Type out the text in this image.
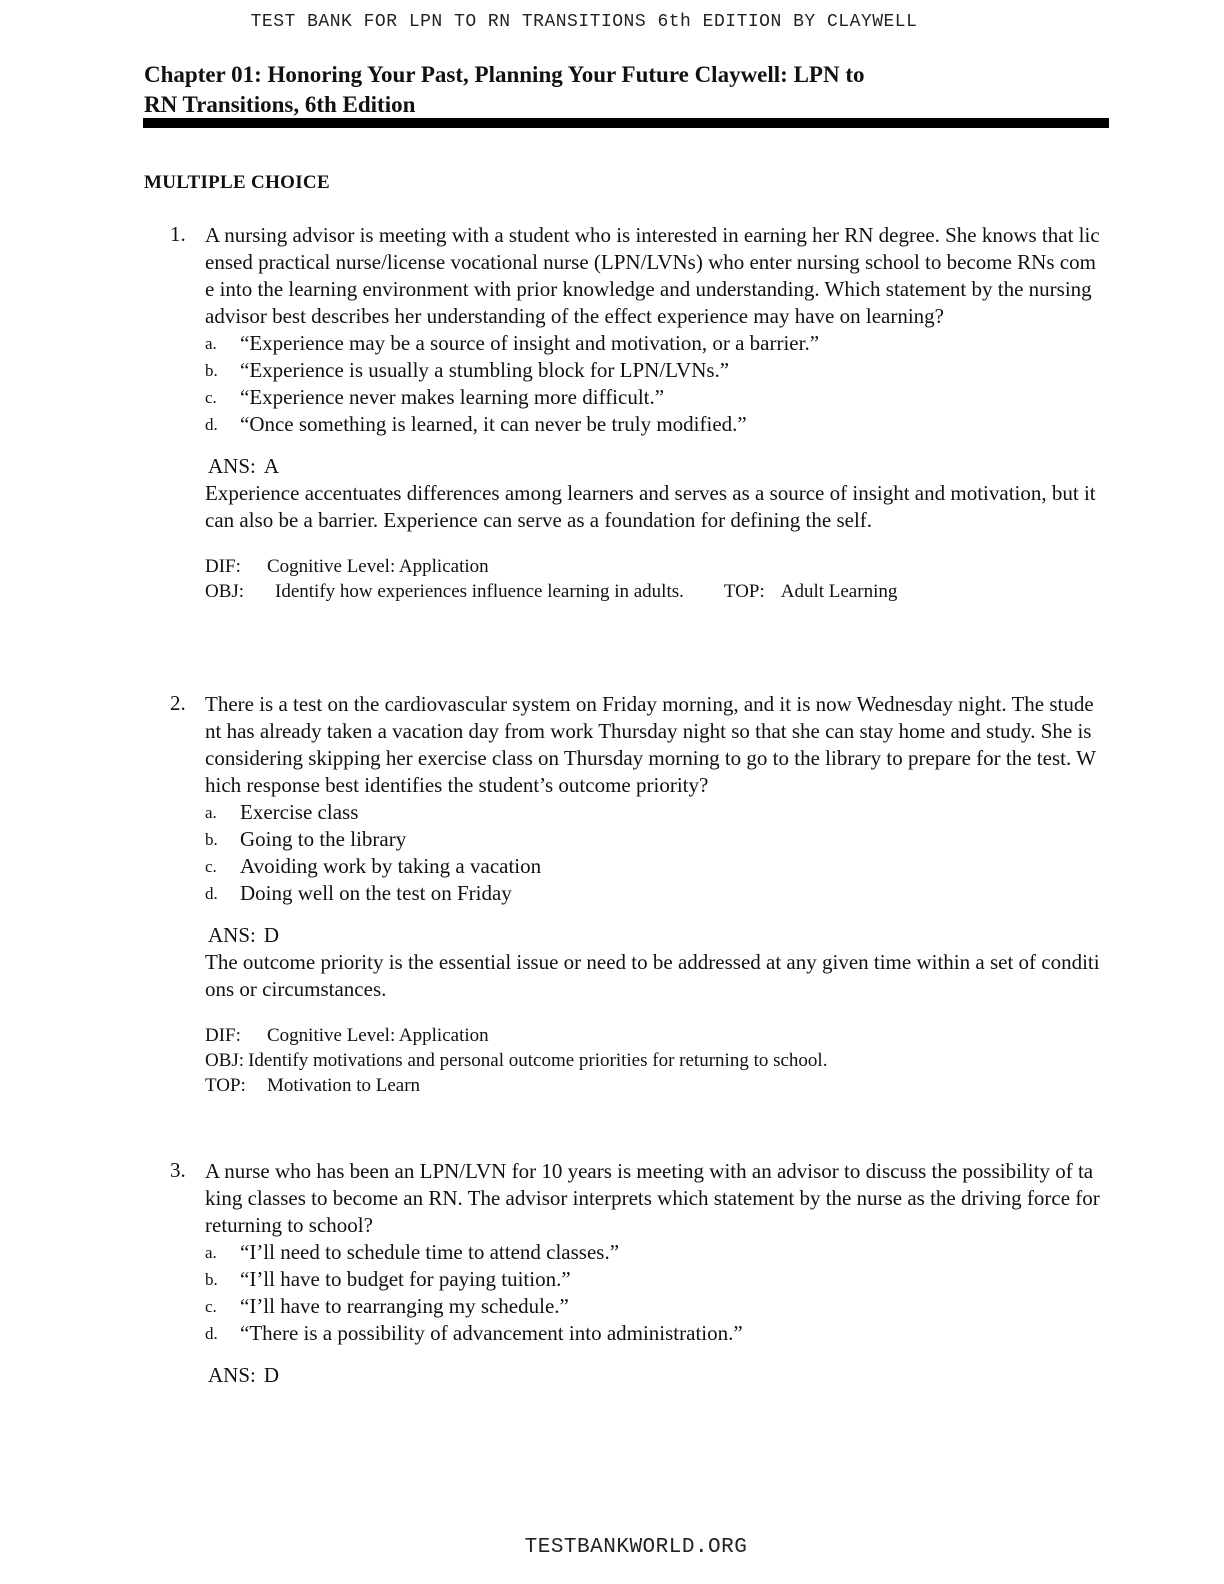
TEST BANK FOR LPN TO RN TRANSITIONS 6th EDITION BY CLAYWELL
Chapter 01: Honoring Your Past, Planning Your Future Claywell: LPN to RN Transitions, 6th Edition
MULTIPLE CHOICE
1. A nursing advisor is meeting with a student who is interested in earning her RN degree. She knows that licensed practical nurse/license vocational nurse (LPN/LVNs) who enter nursing school to become RNs come into the learning environment with prior knowledge and understanding. Which statement by the nursing advisor best describes her understanding of the effect experience may have on learning?
a.	“Experience may be a source of insight and motivation, or a barrier.”
b.	“Experience is usually a stumbling block for LPN/LVNs.”
c.	“Experience never makes learning more difficult.”
d.	“Once something is learned, it can never be truly modified.”
ANS: A
Experience accentuates differences among learners and serves as a source of insight and motivation, but it can also be a barrier. Experience can serve as a foundation for defining the self.
DIF:	Cognitive Level: Application
OBJ:	Identify how experiences influence learning in adults. TOP: Adult Learning
2. There is a test on the cardiovascular system on Friday morning, and it is now Wednesday night. The student has already taken a vacation day from work Thursday night so that she can stay home and study. She is considering skipping her exercise class on Thursday morning to go to the library to prepare for the test. Which response best identifies the student’s outcome priority?
a.	Exercise class
b.	Going to the library
c.	Avoiding work by taking a vacation
d.	Doing well on the test on Friday
ANS: D
The outcome priority is the essential issue or need to be addressed at any given time within a set of conditions or circumstances.
DIF:	Cognitive Level: Application
OBJ: Identify motivations and personal outcome priorities for returning to school.
TOP:	Motivation to Learn
3. A nurse who has been an LPN/LVN for 10 years is meeting with an advisor to discuss the possibility of taking classes to become an RN. The advisor interprets which statement by the nurse as the driving force for returning to school?
a.	“I’ll need to schedule time to attend classes.”
b.	“I’ll have to budget for paying tuition.”
c.	“I’ll have to rearranging my schedule.”
d.	“There is a possibility of advancement into administration.”
ANS: D
TESTBANKWORLD.ORG
